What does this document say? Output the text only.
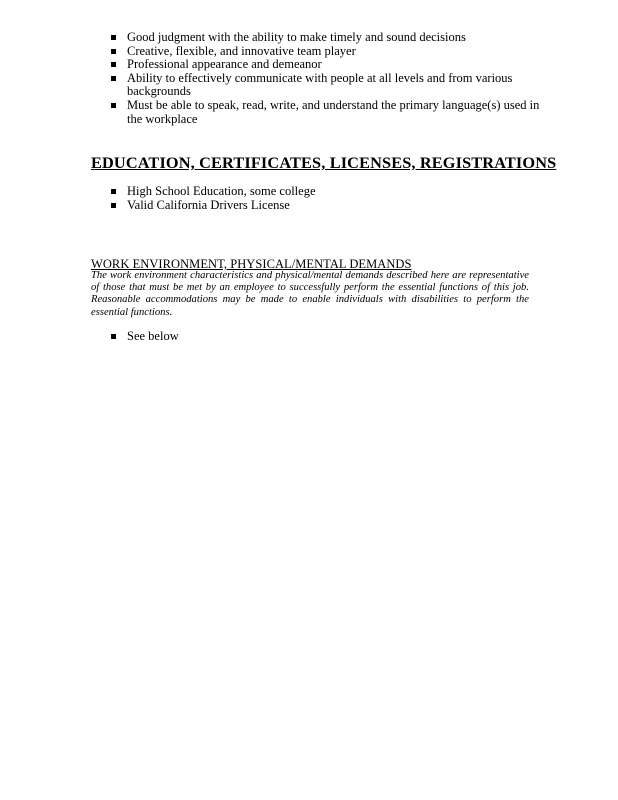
Good judgment with the ability to make timely and sound decisions
Creative, flexible, and innovative team player
Professional appearance and demeanor
Ability to effectively communicate with people at all levels and from various backgrounds
Must be able to speak, read, write, and understand the primary language(s) used in the workplace
EDUCATION, CERTIFICATES, LICENSES, REGISTRATIONS
High School Education, some college
Valid California Drivers License
WORK ENVIRONMENT, PHYSICAL/MENTAL DEMANDS

The work environment characteristics and physical/mental demands described here are representative of those that must be met by an employee to successfully perform the essential functions of this job. Reasonable accommodations may be made to enable individuals with disabilities to perform the essential functions.

See below
